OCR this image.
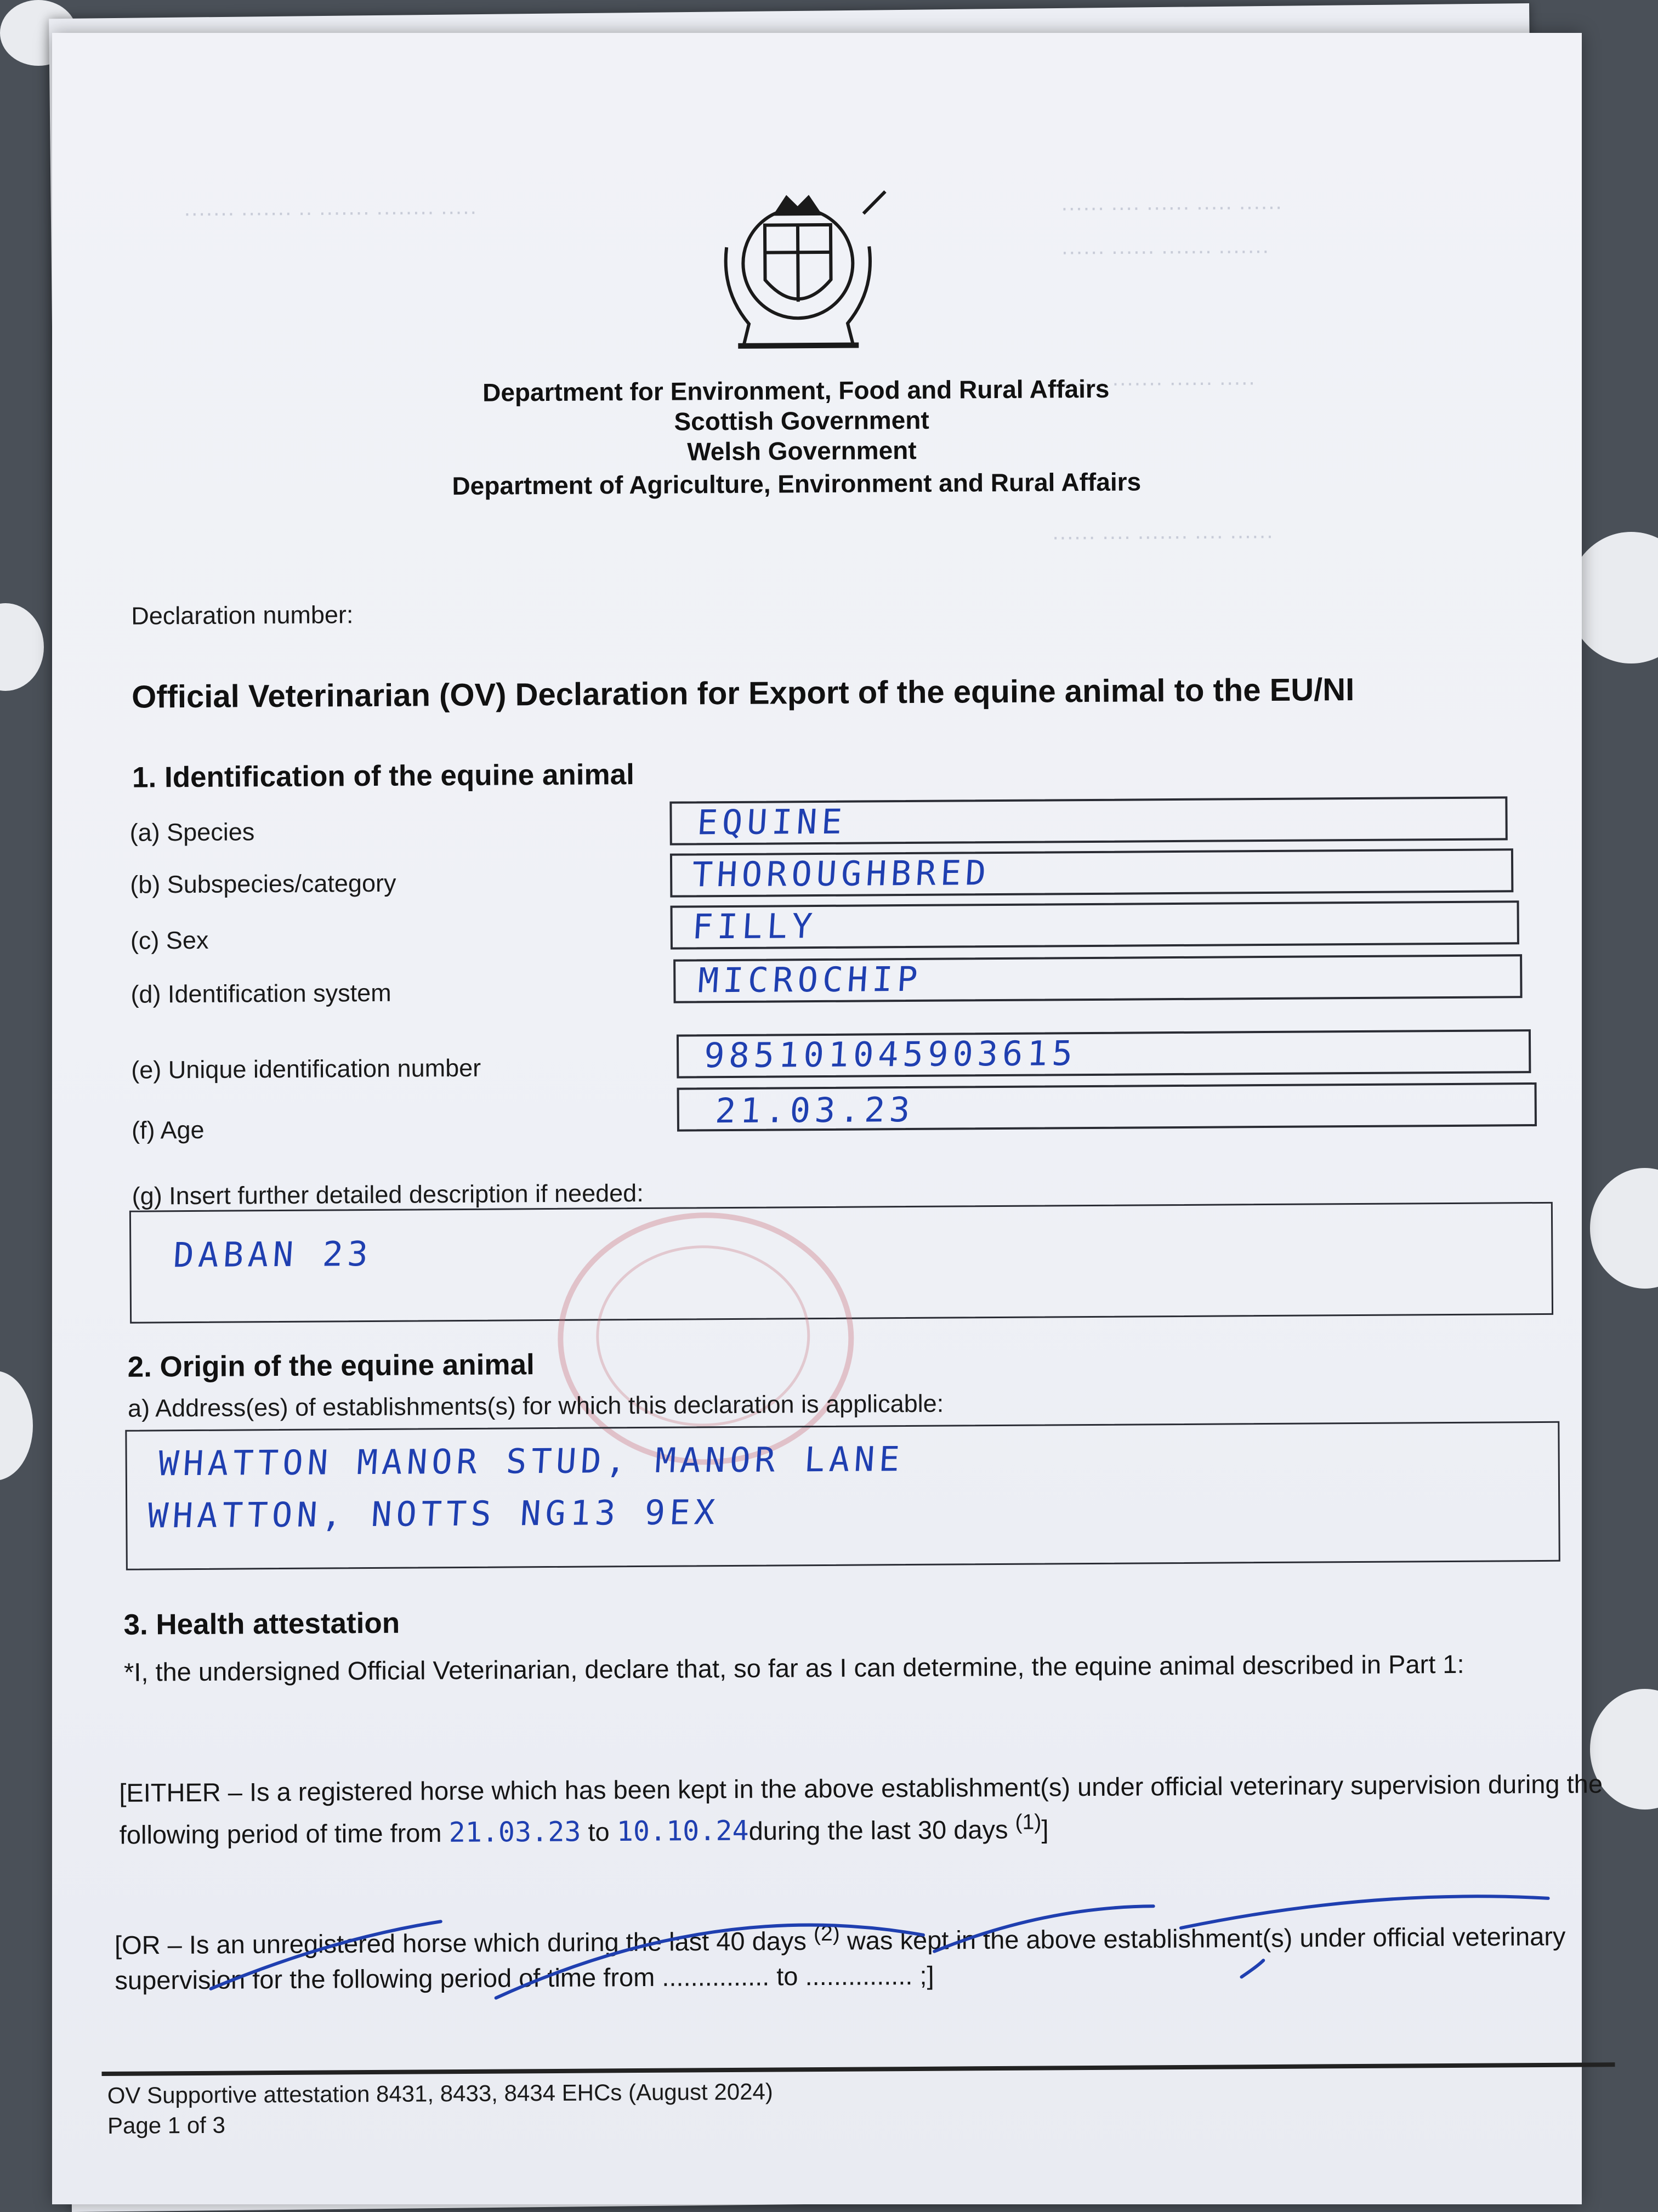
····· ········ ······· ·· ······· ·······	······ ····· ······ ···· ······
······· ······· ······ ······
····· ······ ······· ······
······ ···· ······· ···· ······
Department for Environment, Food and Rural Affairs
Scottish Government
Welsh Government
Department of Agriculture, Environment and Rural Affairs
Declaration number:
Official Veterinarian (OV) Declaration for Export of the equine animal to the EU/NI
1. Identification of the equine animal
(a) Species	EQUINE
(b) Subspecies/category	THOROUGHBRED
(c) Sex	FILLY
(d) Identification system	MICROCHIP
(e) Unique identification number	985101045903615
(f) Age	21.03.23
(g) Insert further detailed description if needed:
DABAN 23
2. Origin of the equine animal
a) Address(es) of establishments(s) for which this declaration is applicable:
WHATTON MANOR STUD, MANOR LANE
WHATTON, NOTTS NG13 9EX
3. Health attestation
*I, the undersigned Official Veterinarian, declare that, so far as I can determine, the equine animal described in Part 1:
[EITHER – Is a registered horse which has been kept in the above establishment(s) under official veterinary supervision during the following period of time from 21.03.23 to 10.10.24during the last 30 days $^{(1)}$]
[OR – Is an unregistered horse which during the last 40 days $^{(2)}$ was kept in the above establishment(s) under official veterinary supervision for the following period of time from ............... to ............... ;]
OV Supportive attestation 8431, 8433, 8434 EHCs (August 2024)
Page 1 of 3
